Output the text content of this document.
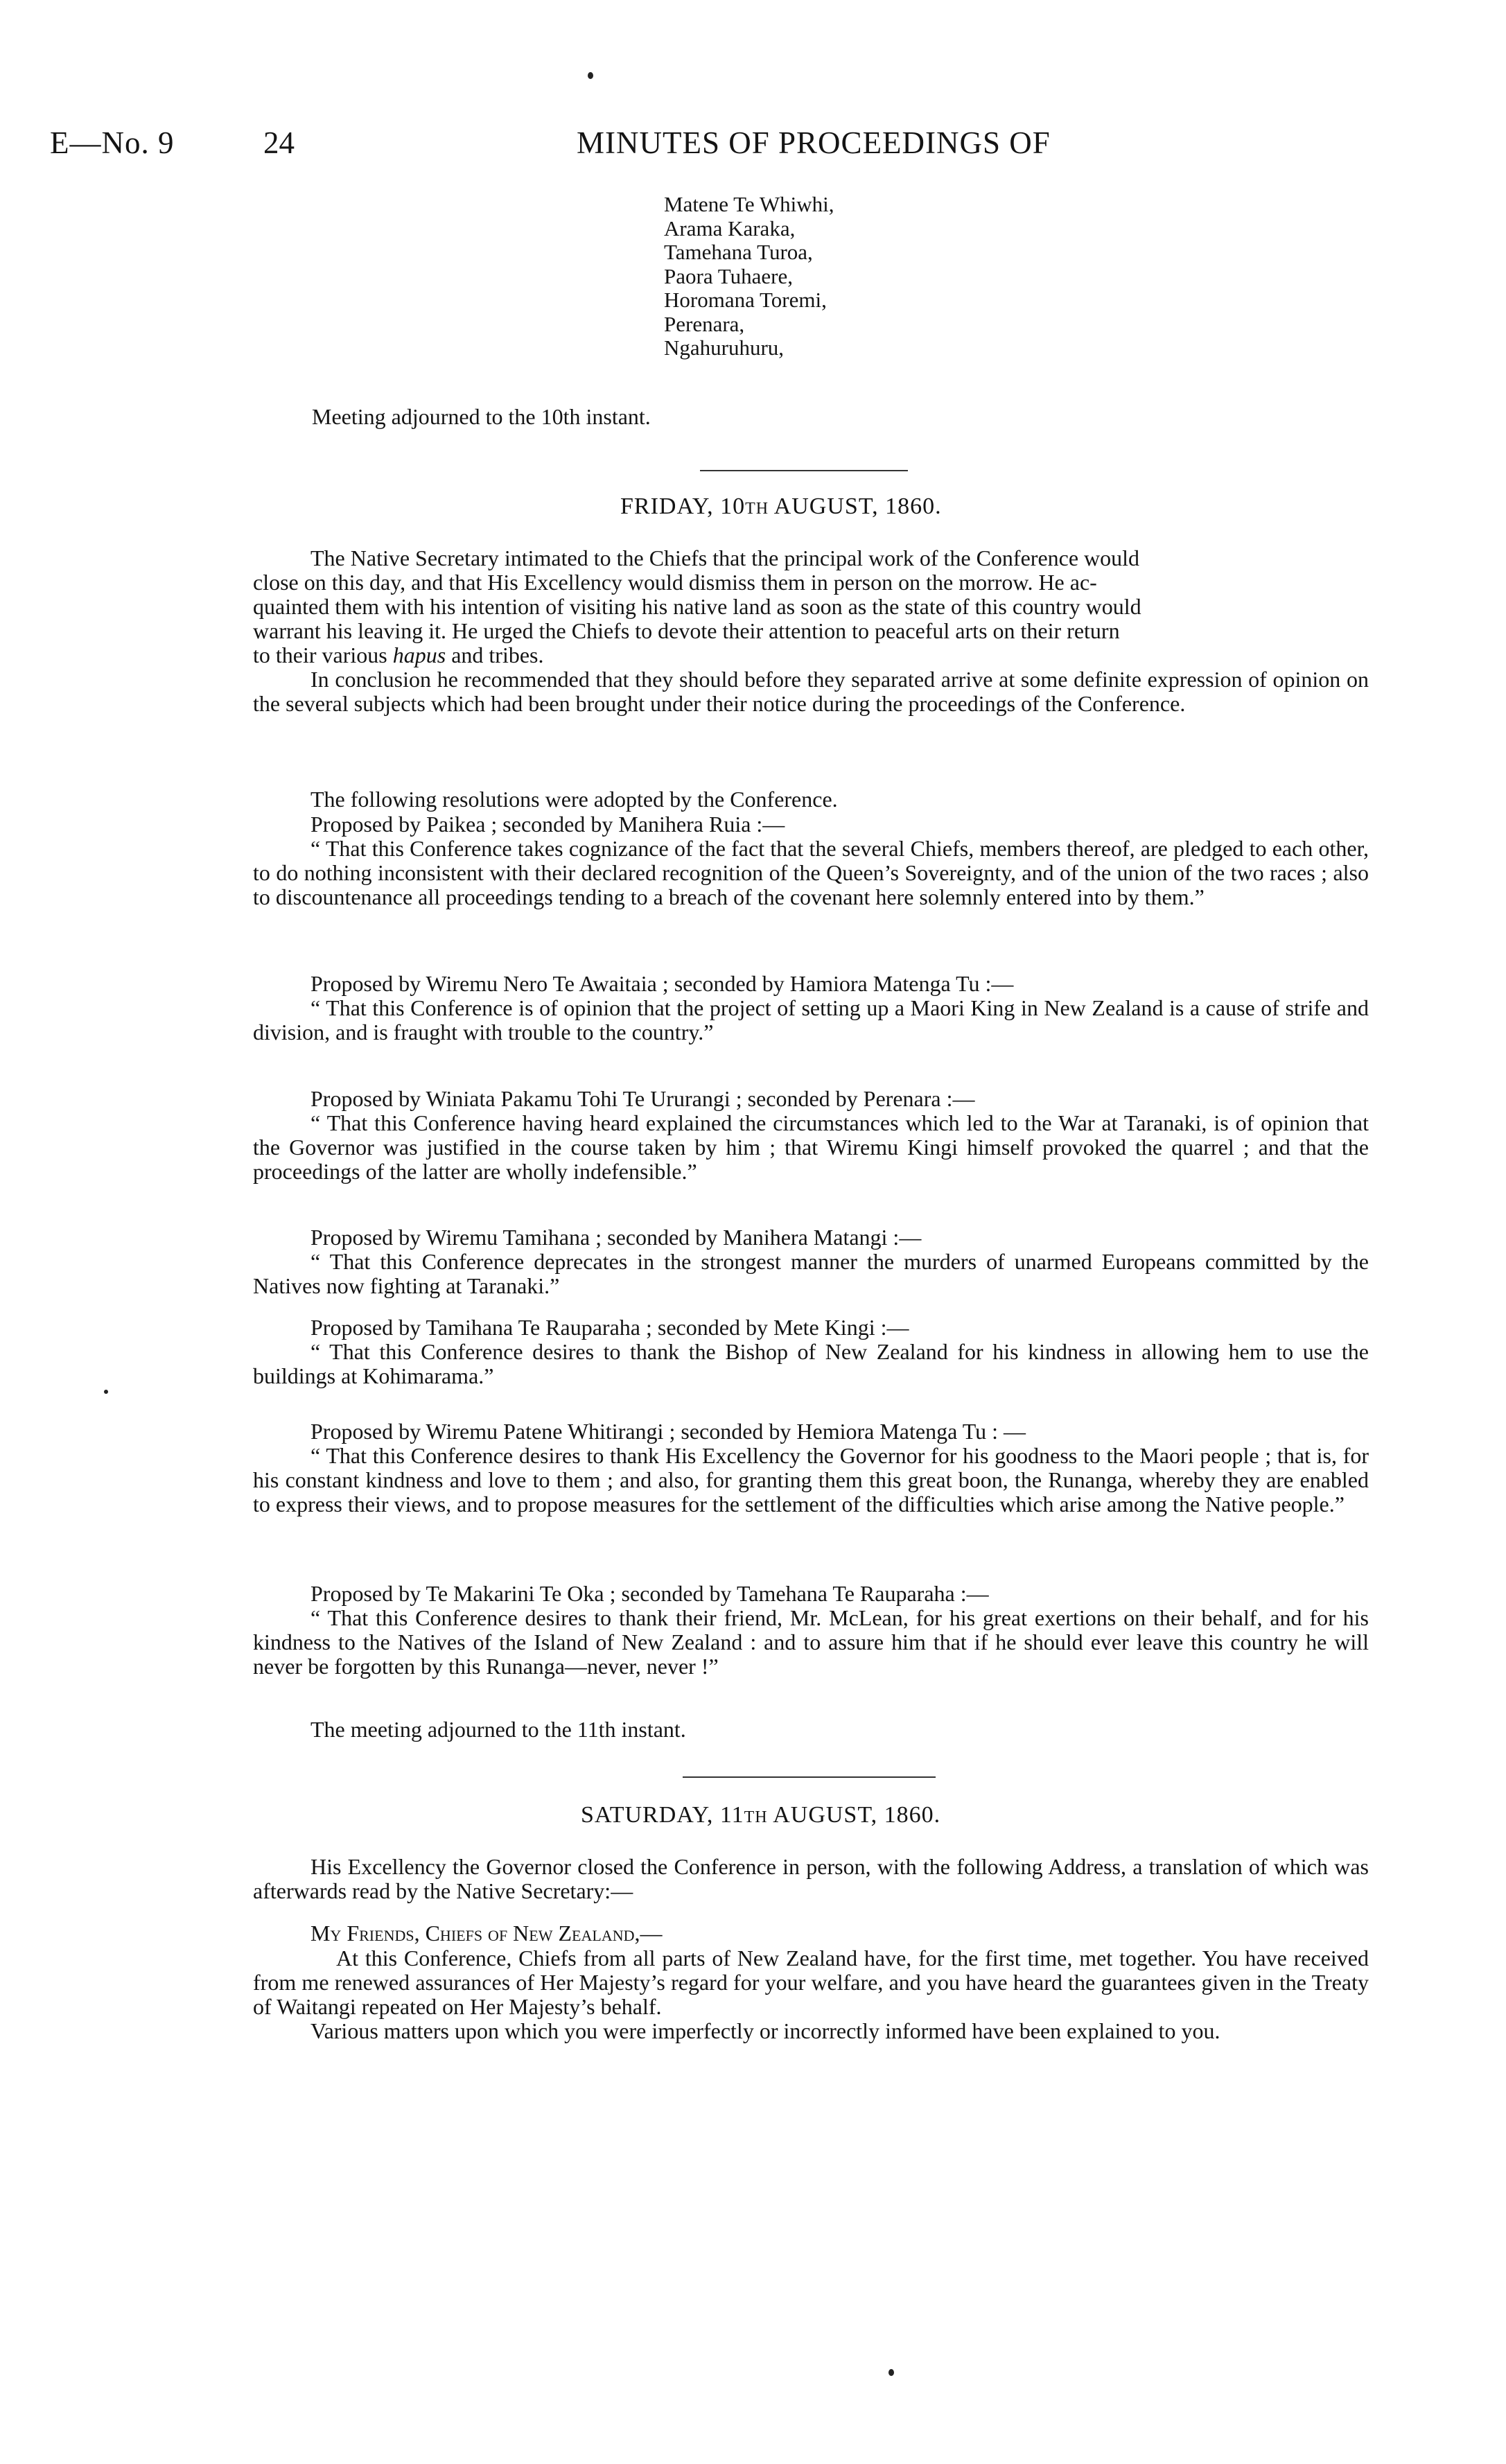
E—No. 9	24	MINUTES OF PROCEEDINGS OF
Matene Te Whiwhi,
Arama Karaka,
Tamehana Turoa,
Paora Tuhaere,
Horomana Toremi,
Perenara,
Ngahuruhuru,
Meeting adjourned to the 10th instant.
FRIDAY, 10TH AUGUST, 1860.
The Native Secretary intimated to the Chiefs that the principal work of the Conference would
close on this day, and that His Excellency would dismiss them in person on the morrow. He ac-
quainted them with his intention of visiting his native land as soon as the state of this country would
warrant his leaving it. He urged the Chiefs to devote their attention to peaceful arts on their return
to their various hapus and tribes.
In conclusion he recommended that they should before they separated arrive at some definite expression of opinion on the several subjects which had been brought under their notice during the proceedings of the Conference.
The following resolutions were adopted by the Conference.
Proposed by Paikea ; seconded by Manihera Ruia :—
“ That this Conference takes cognizance of the fact that the several Chiefs, members thereof, are pledged to each other, to do nothing inconsistent with their declared recognition of the Queen’s Sovereignty, and of the union of the two races ; also to discountenance all proceedings tending to a breach of the covenant here solemnly entered into by them.”
Proposed by Wiremu Nero Te Awaitaia ; seconded by Hamiora Matenga Tu :—
“ That this Conference is of opinion that the project of setting up a Maori King in New Zealand is a cause of strife and division, and is fraught with trouble to the country.”
Proposed by Winiata Pakamu Tohi Te Ururangi ; seconded by Perenara :—
“ That this Conference having heard explained the circumstances which led to the War at Taranaki, is of opinion that the Governor was justified in the course taken by him ; that Wiremu Kingi himself provoked the quarrel ; and that the proceedings of the latter are wholly indefensible.”
Proposed by Wiremu Tamihana ; seconded by Manihera Matangi :—
“ That this Conference deprecates in the strongest manner the murders of unarmed Europeans committed by the Natives now fighting at Taranaki.”
Proposed by Tamihana Te Rauparaha ; seconded by Mete Kingi :—
“ That this Conference desires to thank the Bishop of New Zealand for his kindness in allowing hem to use the buildings at Kohimarama.”
Proposed by Wiremu Patene Whitirangi ; seconded by Hemiora Matenga Tu : —
“ That this Conference desires to thank His Excellency the Governor for his goodness to the Maori people ; that is, for his constant kindness and love to them ; and also, for granting them this great boon, the Runanga, whereby they are enabled to express their views, and to propose measures for the settlement of the difficulties which arise among the Native people.”
Proposed by Te Makarini Te Oka ; seconded by Tamehana Te Rauparaha :—
“ That this Conference desires to thank their friend, Mr. McLean, for his great exertions on their behalf, and for his kindness to the Natives of the Island of New Zealand : and to assure him that if he should ever leave this country he will never be forgotten by this Runanga—never, never !”
The meeting adjourned to the 11th instant.
SATURDAY, 11TH AUGUST, 1860.
His Excellency the Governor closed the Conference in person, with the following Address, a translation of which was afterwards read by the Native Secretary:—
My Friends, Chiefs of New Zealand,—
At this Conference, Chiefs from all parts of New Zealand have, for the first time, met together. You have received from me renewed assurances of Her Majesty’s regard for your welfare, and you have heard the guarantees given in the Treaty of Waitangi repeated on Her Majesty’s behalf.
Various matters upon which you were imperfectly or incorrectly informed have been explained to you.
